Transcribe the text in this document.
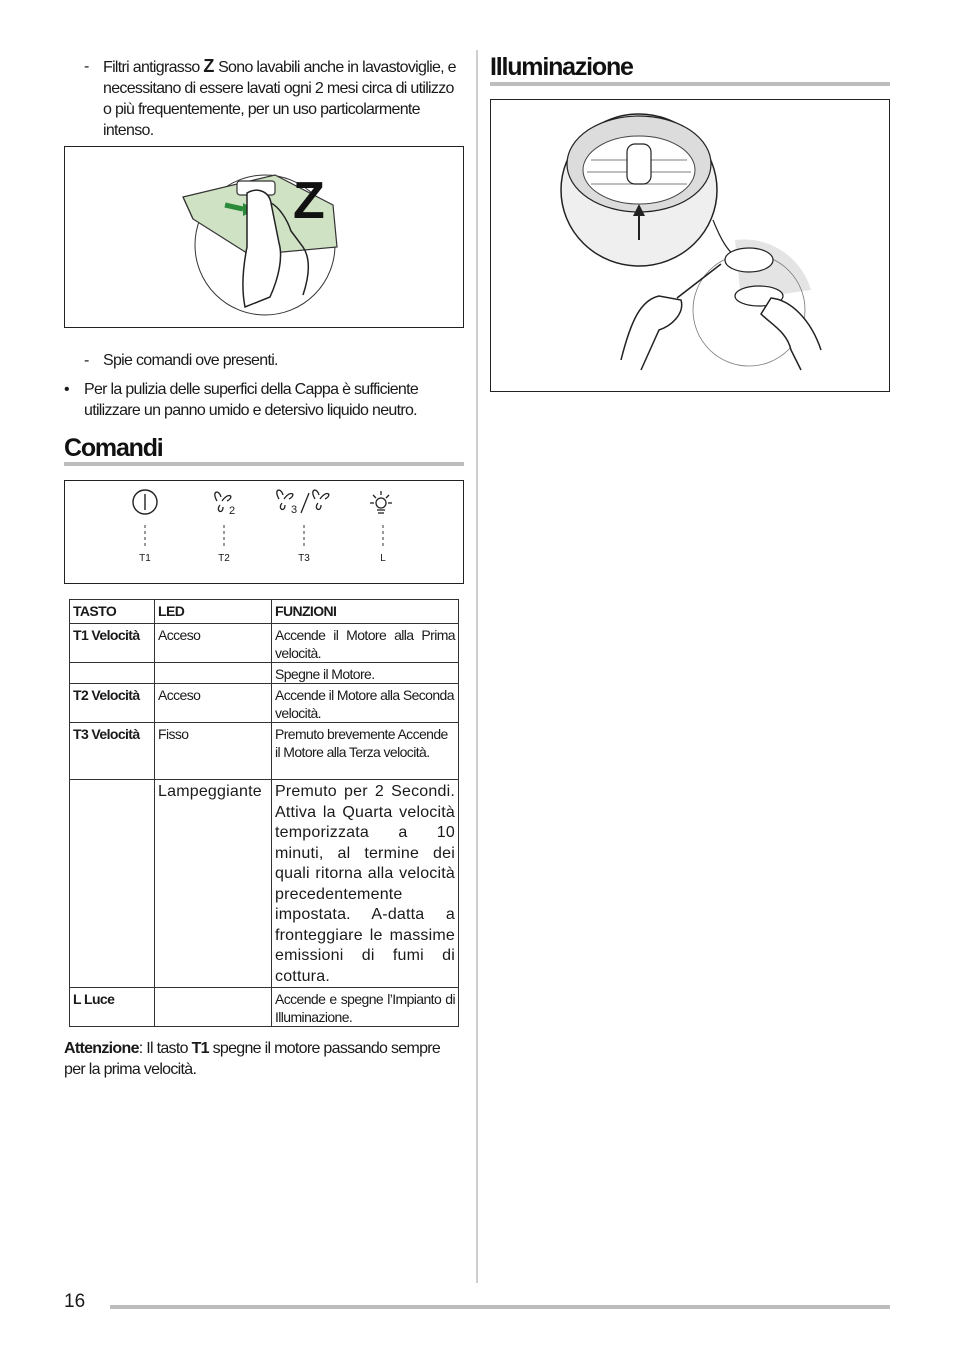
- Filtri antigrasso Z Sono lavabili anche in lavastoviglie, e necessitano di essere lavati ogni 2 mesi circa di utilizzo o più frequentemente, per un uso particolarmente intenso.
Z
- Spie comandi ove presenti.
• Per la pulizia delle superfici della Cappa è sufficiente utilizzare un panno umido e detersivo liquido neutro.
Comandi
2	3
T1	T2	T3	L
TASTO	LED	FUNZIONI
T1 Velocità	Acceso	Accende il Motore alla Prima velocità.
		Spegne il Motore.
T2 Velocità	Acceso	Accende il Motore alla Seconda velocità.
T3 Velocità	Fisso	Premuto brevemente Accende il Motore alla Terza velocità.
	Lampeggiante	Premuto per 2 Secondi. Attiva la Quarta velocità temporizzata a 10 minuti, al termine dei quali ritorna alla velocità precedentemente impostata. A-datta a fronteggiare le massime emissioni di fumi di cottura.
L Luce		Accende e spegne l’Impianto di Illuminazione.
Attenzione: Il tasto T1 spegne il motore passando sempre per la prima velocità.
Illuminazione
16
